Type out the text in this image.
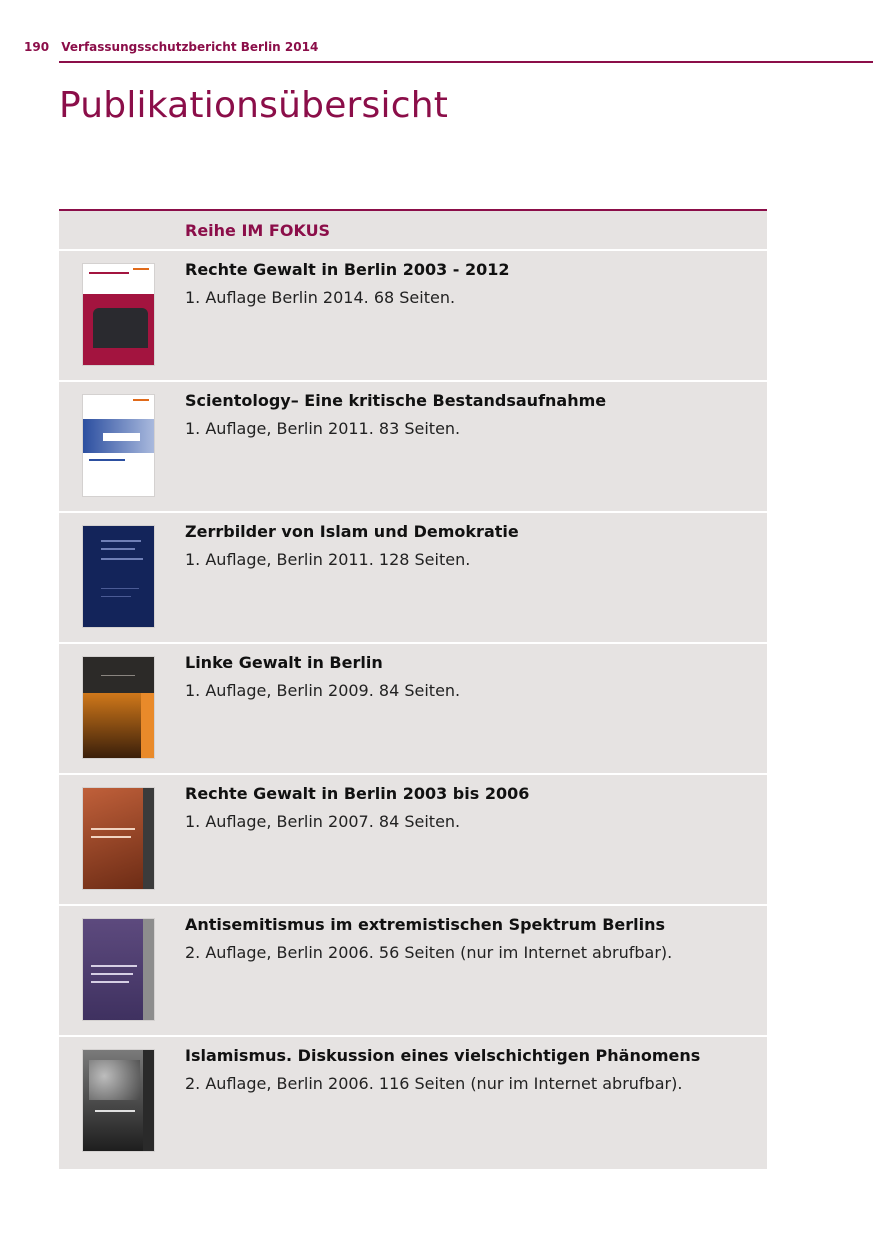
190 Verfassungsschutzbericht Berlin 2014
Publikationsübersicht
Reihe IM FOKUS
Rechte Gewalt in Berlin 2003 - 2012
1. Auflage Berlin 2014. 68 Seiten.
Scientology– Eine kritische Bestandsaufnahme
1. Auflage, Berlin 2011. 83 Seiten.
Zerrbilder von Islam und Demokratie
1. Auflage, Berlin 2011. 128 Seiten.
Linke Gewalt in Berlin
1. Auflage, Berlin 2009. 84 Seiten.
Rechte Gewalt in Berlin 2003 bis 2006
1. Auflage, Berlin 2007. 84 Seiten.
Antisemitismus im extremistischen Spektrum Berlins
2. Auflage, Berlin 2006. 56 Seiten (nur im Internet abrufbar).
Islamismus. Diskussion eines vielschichtigen Phänomens
2. Auflage, Berlin 2006. 116 Seiten (nur im Internet abrufbar).
